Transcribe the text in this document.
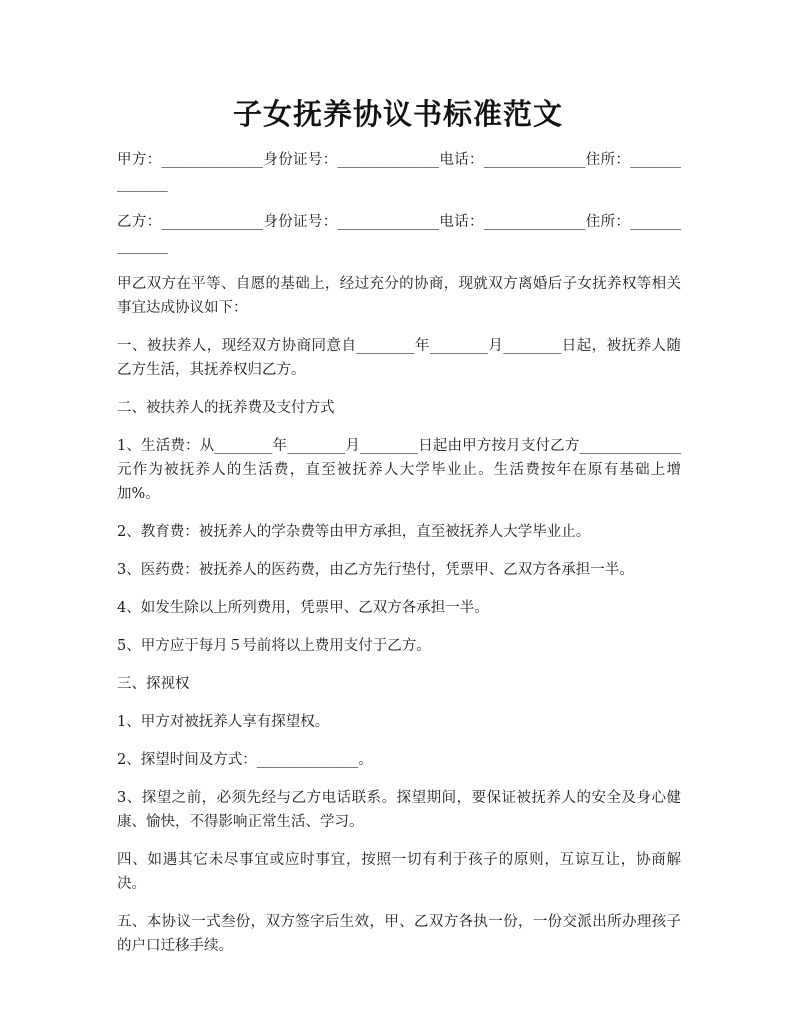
子女抚养协议书标准范文

甲方：______________身份证号：______________电话：______________住所：______________

乙方：______________身份证号：______________电话：______________住所：______________

甲乙双方在平等、自愿的基础上，经过充分的协商，现就双方离婚后子女抚养权等相关事宜达成协议如下：

一、被扶养人，现经双方协商同意自________年________月________日起，被抚养人随乙方生活，其抚养权归乙方。

二、被扶养人的抚养费及支付方式

1、生活费：从________年________月________日起由甲方按月支付乙方______________元作为被抚养人的生活费，直至被抚养人大学毕业止。生活费按年在原有基础上增加%。

2、教育费：被抚养人的学杂费等由甲方承担，直至被抚养人大学毕业止。

3、医药费：被抚养人的医药费，由乙方先行垫付，凭票甲、乙双方各承担一半。

4、如发生除以上所列费用，凭票甲、乙双方各承担一半。

5、甲方应于每月５号前将以上费用支付于乙方。

三、探视权

1、甲方对被抚养人享有探望权。

2、探望时间及方式：______________。

3、探望之前，必须先经与乙方电话联系。探望期间，要保证被抚养人的安全及身心健康、愉快，不得影响正常生活、学习。

四、如遇其它未尽事宜或应时事宜，按照一切有利于孩子的原则，互谅互让，协商解决。

五、本协议一式叁份，双方签字后生效，甲、乙双方各执一份，一份交派出所办理孩子的户口迁移手续。
